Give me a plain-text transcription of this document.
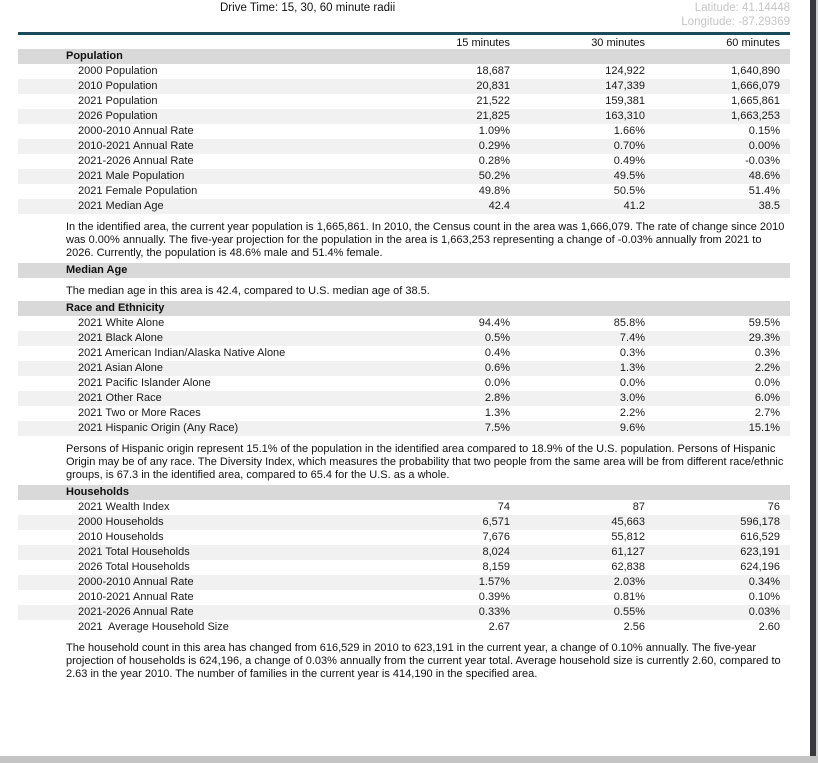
Drive Time: 15, 30, 60 minute radii	Latitude: 41.14448
Longitude: -87.29369
15 minutes	30 minutes	60 minutes
Population
2000 Population	18,687	124,922	1,640,890
2010 Population	20,831	147,339	1,666,079
2021 Population	21,522	159,381	1,665,861
2026 Population	21,825	163,310	1,663,253
2000-2010 Annual Rate	1.09%	1.66%	0.15%
2010-2021 Annual Rate	0.29%	0.70%	0.00%
2021-2026 Annual Rate	0.28%	0.49%	-0.03%
2021 Male Population	50.2%	49.5%	48.6%
2021 Female Population	49.8%	50.5%	51.4%
2021 Median Age	42.4	41.2	38.5
In the identified area, the current year population is 1,665,861. In 2010, the Census count in the area was 1,666,079. The rate of change since 2010 was 0.00% annually. The five-year projection for the population in the area is 1,663,253 representing a change of -0.03% annually from 2021 to 2026. Currently, the population is 48.6% male and 51.4% female.
Median Age
The median age in this area is 42.4, compared to U.S. median age of 38.5.
Race and Ethnicity
2021 White Alone	94.4%	85.8%	59.5%
2021 Black Alone	0.5%	7.4%	29.3%
2021 American Indian/Alaska Native Alone	0.4%	0.3%	0.3%
2021 Asian Alone	0.6%	1.3%	2.2%
2021 Pacific Islander Alone	0.0%	0.0%	0.0%
2021 Other Race	2.8%	3.0%	6.0%
2021 Two or More Races	1.3%	2.2%	2.7%
2021 Hispanic Origin (Any Race)	7.5%	9.6%	15.1%
Persons of Hispanic origin represent 15.1% of the population in the identified area compared to 18.9% of the U.S. population. Persons of Hispanic Origin may be of any race. The Diversity Index, which measures the probability that two people from the same area will be from different race/ethnic groups, is 67.3 in the identified area, compared to 65.4 for the U.S. as a whole.
Households
2021 Wealth Index	74	87	76
2000 Households	6,571	45,663	596,178
2010 Households	7,676	55,812	616,529
2021 Total Households	8,024	61,127	623,191
2026 Total Households	8,159	62,838	624,196
2000-2010 Annual Rate	1.57%	2.03%	0.34%
2010-2021 Annual Rate	0.39%	0.81%	0.10%
2021-2026 Annual Rate	0.33%	0.55%	0.03%
2021  Average Household Size	2.67	2.56	2.60
The household count in this area has changed from 616,529 in 2010 to 623,191 in the current year, a change of 0.10% annually. The five-year projection of households is 624,196, a change of 0.03% annually from the current year total. Average household size is currently 2.60, compared to 2.63 in the year 2010. The number of families in the current year is 414,190 in the specified area.
